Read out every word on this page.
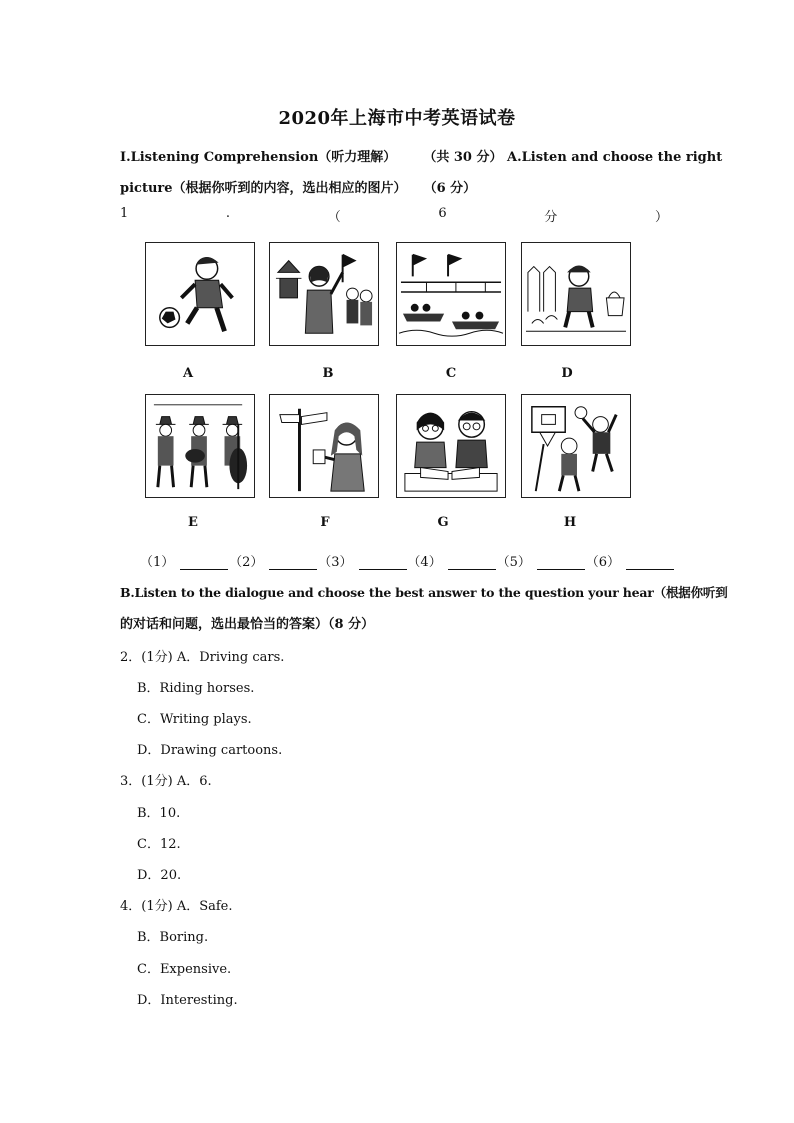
2020年上海市中考英语试卷
Ⅰ.Listening Comprehension（听力理解） （共 30 分） A.Listen and choose the right
picture（根据你听到的内容，选出相应的图片） （6 分）
1	.	（	6	分	）
A	B	C	D
E	F	G	H
（1）	（2）	（3）	（4）	（5）	（6）
B.Listen to the dialogue and choose the best answer to the question your hear（根据你听到
的对话和问题，选出最恰当的答案）（8 分）
2．(1分) A．Driving cars.
B．Riding horses.
C．Writing plays.
D．Drawing cartoons.
3．(1分) A．6.
B．10.
C．12.
D．20.
4．(1分) A．Safe.
B．Boring.
C．Expensive.
D．Interesting.
